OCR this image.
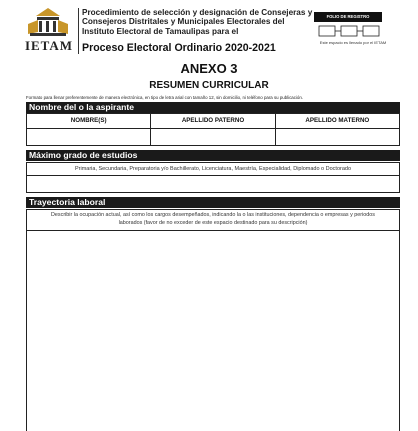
IETAM
Procedimiento de selección y designación de Consejeras y Consejeros Distritales y Municipales Electorales del Instituto Electoral de Tamaulipas para el
Proceso Electoral Ordinario 2020-2021
FOLIO DE REGISTRO
Este espacio es llenado por el IETAM
ANEXO 3
RESUMEN CURRICULAR
Formato para llenar preferentemente de manera electrónica, en tipo de letra arial con tamaño 12, sin domicilio, ni teléfono para su publicación.
Nombre del o la aspirante
NOMBRE(S)	APELLIDO PATERNO	APELLIDO MATERNO
Máximo grado de estudios
Primaria, Secundaria, Preparatoria y/o Bachillerato, Licenciatura, Maestría, Especialidad, Diplomado o Doctorado
Trayectoria laboral
Describir la ocupación actual, así como los cargos desempeñados, indicando la o las instituciones, dependencia o empresas y periodos laborados (favor de no exceder de este espacio destinado para su descripción)
